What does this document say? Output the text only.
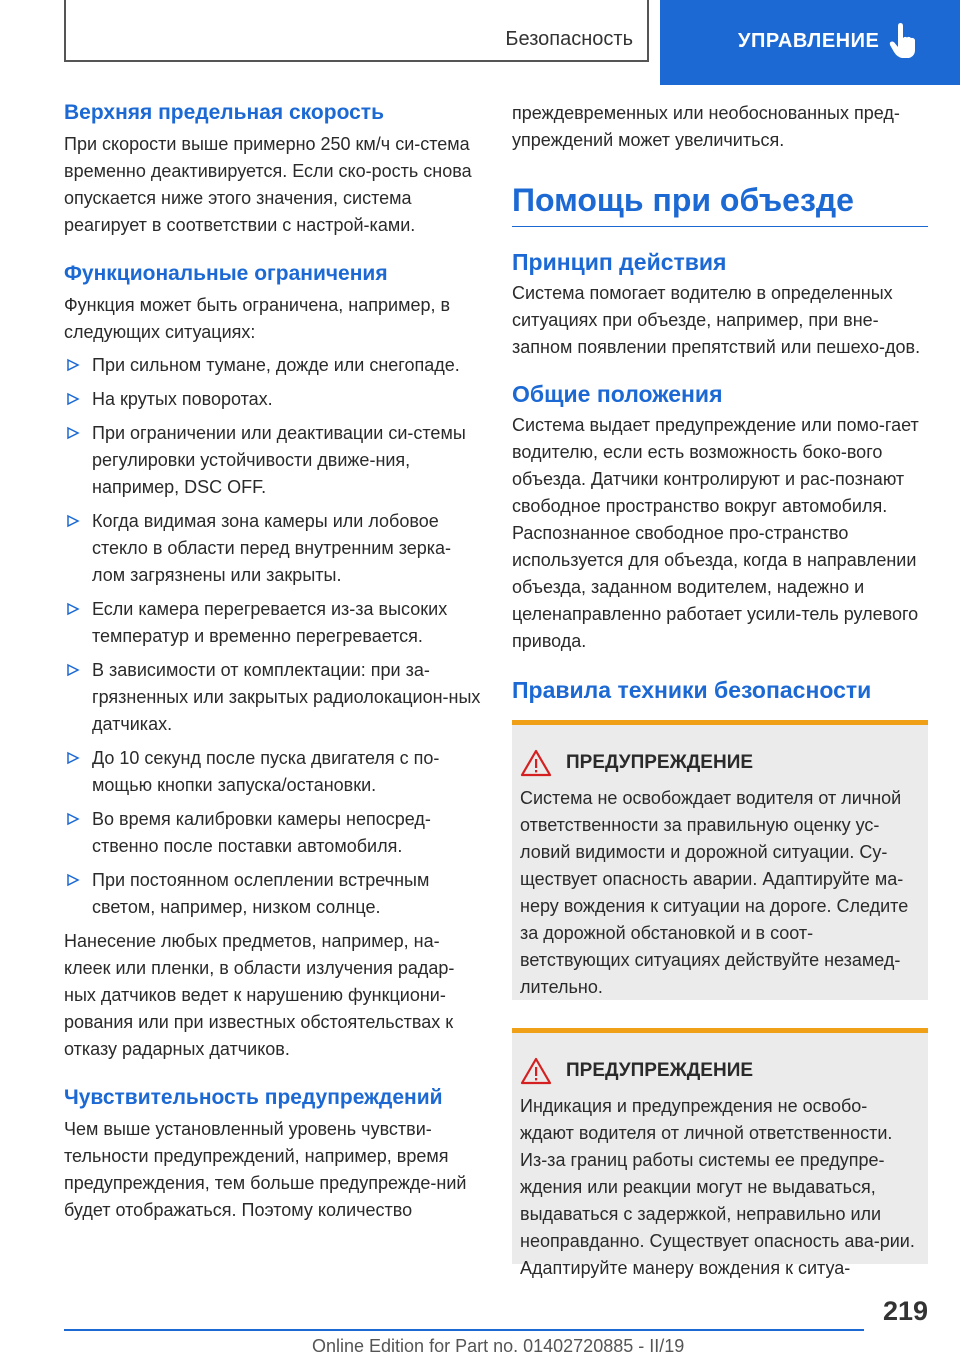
Безопасность	УПРАВЛЕНИЕ
Верхняя предельная скорость

При скорости выше примерно 250 км/ч си-стема временно деактивируется. Если ско-рость снова опускается ниже этого значения, система реагирует в соответствии с настрой-ками.

Функциональные ограничения

Функция может быть ограничена, например, в следующих ситуациях:

При сильном тумане, дожде или снегопаде.
На крутых поворотах.
При ограничении или деактивации си-стемы регулировки устойчивости движе-ния, например, DSC OFF.
Когда видимая зона камеры или лобовое стекло в области перед внутренним зерка-лом загрязнены или закрыты.
Если камера перегревается из-за высоких температур и временно перегревается.
В зависимости от комплектации: при за-грязненных или закрытых радиолокацион-ных датчиках.
До 10 секунд после пуска двигателя с по-мощью кнопки запуска/остановки.
Во время калибровки камеры непосред-ственно после поставки автомобиля.
При постоянном ослеплении встречным светом, например, низком солнце.

Нанесение любых предметов, например, на-клеек или пленки, в области излучения радар-ных датчиков ведет к нарушению функциони-рования или при известных обстоятельствах к отказу радарных датчиков.

Чувствительность предупреждений

Чем выше установленный уровень чувстви-тельности предупреждений, например, время предупреждения, тем больше предупрежде-ний будет отображаться. Поэтому количество

преждевременных или необоснованных пред-упреждений может увеличиться.

Помощь при объезде
Принцип действия

Система помогает водителю в определенных ситуациях при объезде, например, при вне-запном появлении препятствий или пешехо-дов.

Общие положения

Система выдает предупреждение или помо-гает водителю, если есть возможность боко-вого объезда. Датчики контролируют и рас-познают свободное пространство вокруг автомобиля. Распознанное свободное про-странство используется для объезда, когда в направлении объезда, заданном водителем, надежно и целенаправленно работает усили-тель рулевого привода.

Правила техники безопасности
ПРЕДУПРЕЖДЕНИЕ

Система не освобождает водителя от личной ответственности за правильную оценку ус-ловий видимости и дорожной ситуации. Су-ществует опасность аварии. Адаптируйте ма-неру вождения к ситуации на дороге. Следите за дорожной обстановкой и в соот-ветствующих ситуациях действуйте незамед-лительно.

ПРЕДУПРЕЖДЕНИЕ

Индикация и предупреждения не освобо-ждают водителя от личной ответственности. Из-за границ работы системы ее предупре-ждения или реакции могут не выдаваться, выдаваться с задержкой, неправильно или неоправданно. Существует опасность ава-рии. Адаптируйте манеру вождения к ситуа-

219
Online Edition for Part no. 01402720885 - II/19
